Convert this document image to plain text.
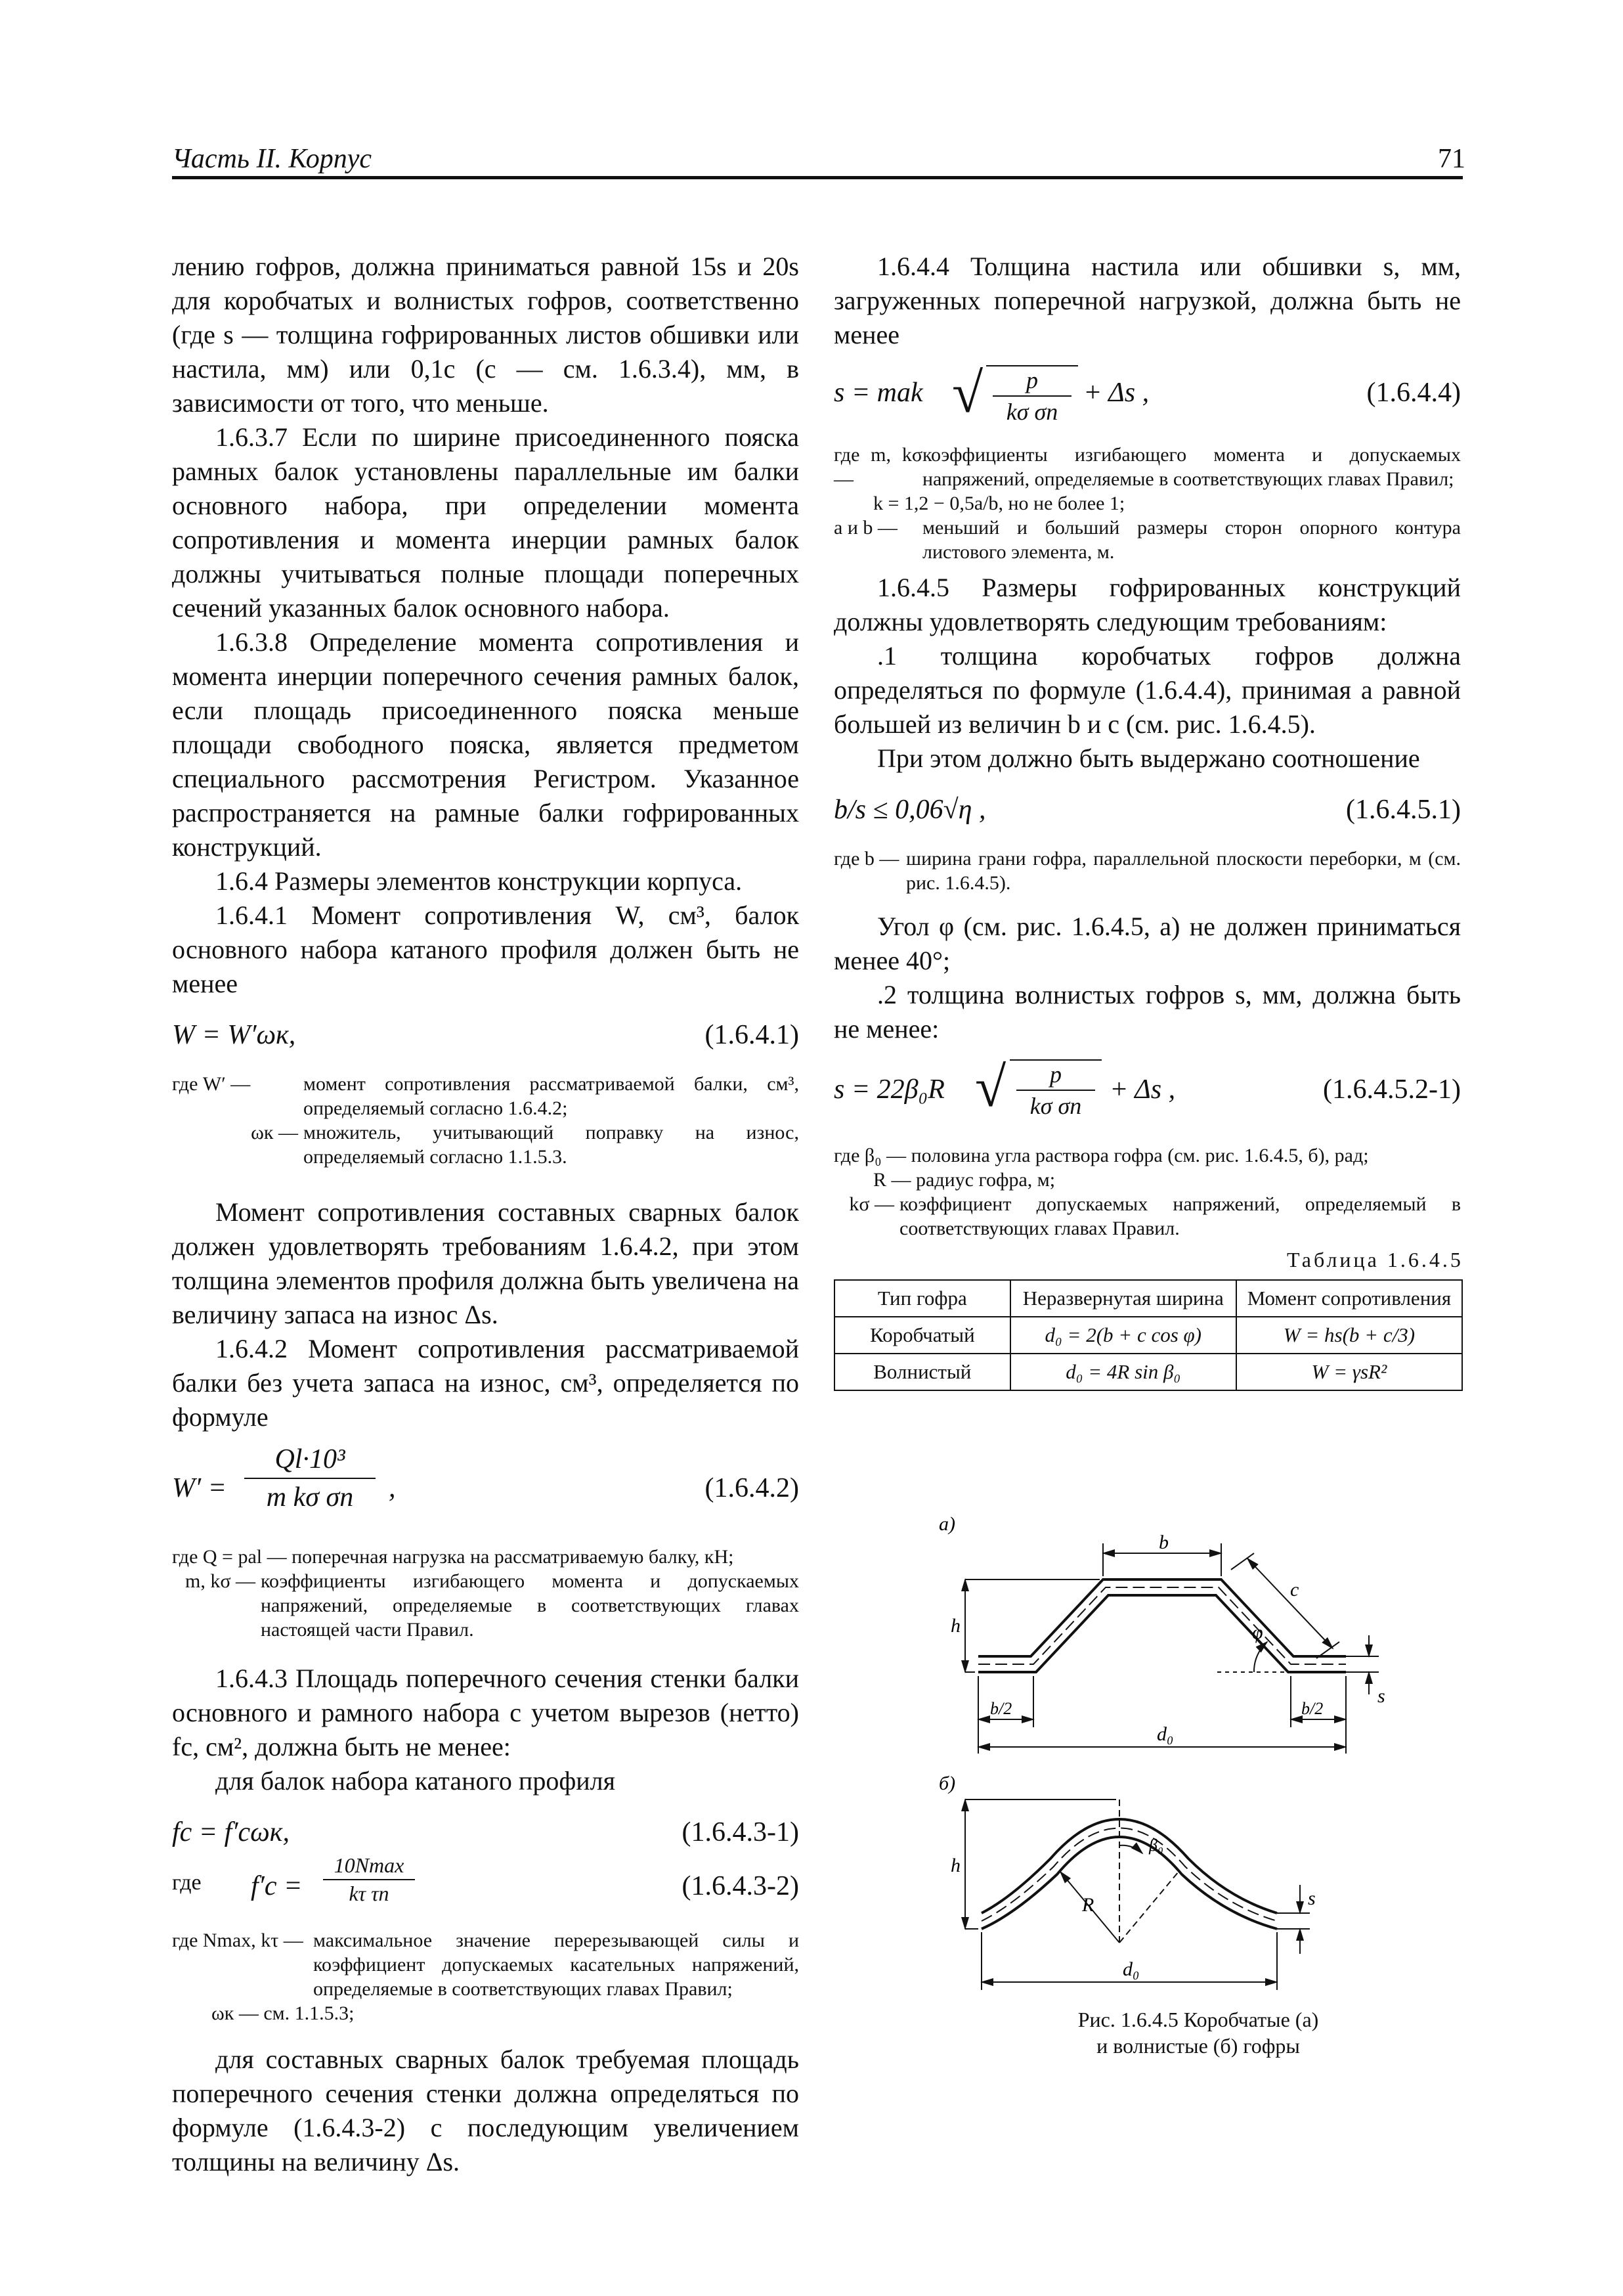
Часть II. Корпус	71

лению гофров, должна приниматься равной 15s и 20s для коробчатых и волнистых гофров, соответственно (где s — толщина гофрированных листов обшивки или настила, мм) или 0,1c (c — см. 1.6.3.4), мм, в зависимости от того, что меньше.

1.6.3.7 Если по ширине присоединенного пояска рамных балок установлены параллельные им балки основного набора, при определении момента сопротивления и момента инерции рамных балок должны учитываться полные площади поперечных сечений указанных балок основного набора.

1.6.3.8 Определение момента сопротивления и момента инерции поперечного сечения рамных балок, если площадь присоединенного пояска меньше площади свободного пояска, является предметом специального рассмотрения Регистром. Указанное распространяется на рамные балки гофрированных конструкций.

1.6.4 Размеры элементов конструкции корпуса.

1.6.4.1 Момент сопротивления W, см³, балок основного набора катаного профиля должен быть не менее

W = W′ωк,	(1.6.4.1)
где W′ —	момент сопротивления рассматриваемой балки, см³, определяемый согласно 1.6.4.2;
ωк — множитель, учитывающий поправку на износ, определяемый согласно 1.1.5.3.

Момент сопротивления составных сварных балок должен удовлетворять требованиям 1.6.4.2, при этом толщина элементов профиля должна быть увеличена на величину запаса на износ Δs.

1.6.4.2 Момент сопротивления рассматриваемой балки без учета запаса на износ, см³, определяется по формуле

W′ =
Ql·10³
m kσ σn	,	(1.6.4.2)
где Q = pal — поперечная нагрузка на рассматриваемую балку, кН;
m, kσ — коэффициенты изгибающего момента и допускаемых напряжений, определяемые в соответствующих главах настоящей части Правил.

1.6.4.3 Площадь поперечного сечения стенки балки основного и рамного набора с учетом вырезов (нетто) fc, см², должна быть не менее:

для балок набора катаного профиля

fc = f′cωк,	(1.6.4.3-1)
где f′c =
10Nmax
kτ τn	(1.6.4.3-2)
где Nmax, kτ — максимальное значение перерезывающей силы и коэффициент допускаемых касательных напряжений, определяемые в соответствующих главах Правил;
ωк — см. 1.1.5.3;

для составных сварных балок требуемая площадь поперечного сечения стенки должна определяться по формуле (1.6.4.3-2) с последующим увеличением толщины на величину Δs.

1.6.4.4 Толщина настила или обшивки s, мм, загруженных поперечной нагрузкой, должна быть не менее

s = mak √	p
kσ σn
+ Δs ,	(1.6.4.4)
где m, kσ —
коэффициенты изгибающего момента и допускаемых напряжений, определяемые в соответствующих главах Правил;
k = 1,2 − 0,5a/b, но не более 1;
a и b —	меньший и больший размеры сторон опорного контура листового элемента, м.

1.6.4.5 Размеры гофрированных конструкций должны удовлетворять следующим требованиям:

.1 толщина коробчатых гофров должна определяться по формуле (1.6.4.4), принимая a равной большей из величин b и c (см. рис. 1.6.4.5).

При этом должно быть выдержано соотношение

b/s ≤ 0,06√η ,	(1.6.4.5.1)
где b — ширина грани гофра, параллельной плоскости переборки, м (см. рис. 1.6.4.5).

Угол φ (см. рис. 1.6.4.5, a) не должен приниматься менее 40°;

.2 толщина волнистых гофров s, мм, должна быть не менее:

s = 22β₀R √	p
kσ σn
+ Δs ,	(1.6.4.5.2-1)
где β₀ — половина угла раствора гофра (см. рис. 1.6.4.5, б), рад;
R — радиус гофра, м;
kσ — коэффициент допускаемых напряжений, определяемый в соответствующих главах Правил.
Таблица 1.6.4.5
Тип гофра	Неразвернутая ширина	Момент сопротивления
Коробчатый	d₀ = 2(b + c cos φ)	W = hs(b + c/3)
Волнистый	d₀ = 4R sin β₀	W = γsR²
а)
b
c
h	φ
b/2	b/2
s
d₀
б)
R
β₀
h
s
d₀
Рис. 1.6.4.5 Коробчатые (а)
и волнистые (б) гофры
